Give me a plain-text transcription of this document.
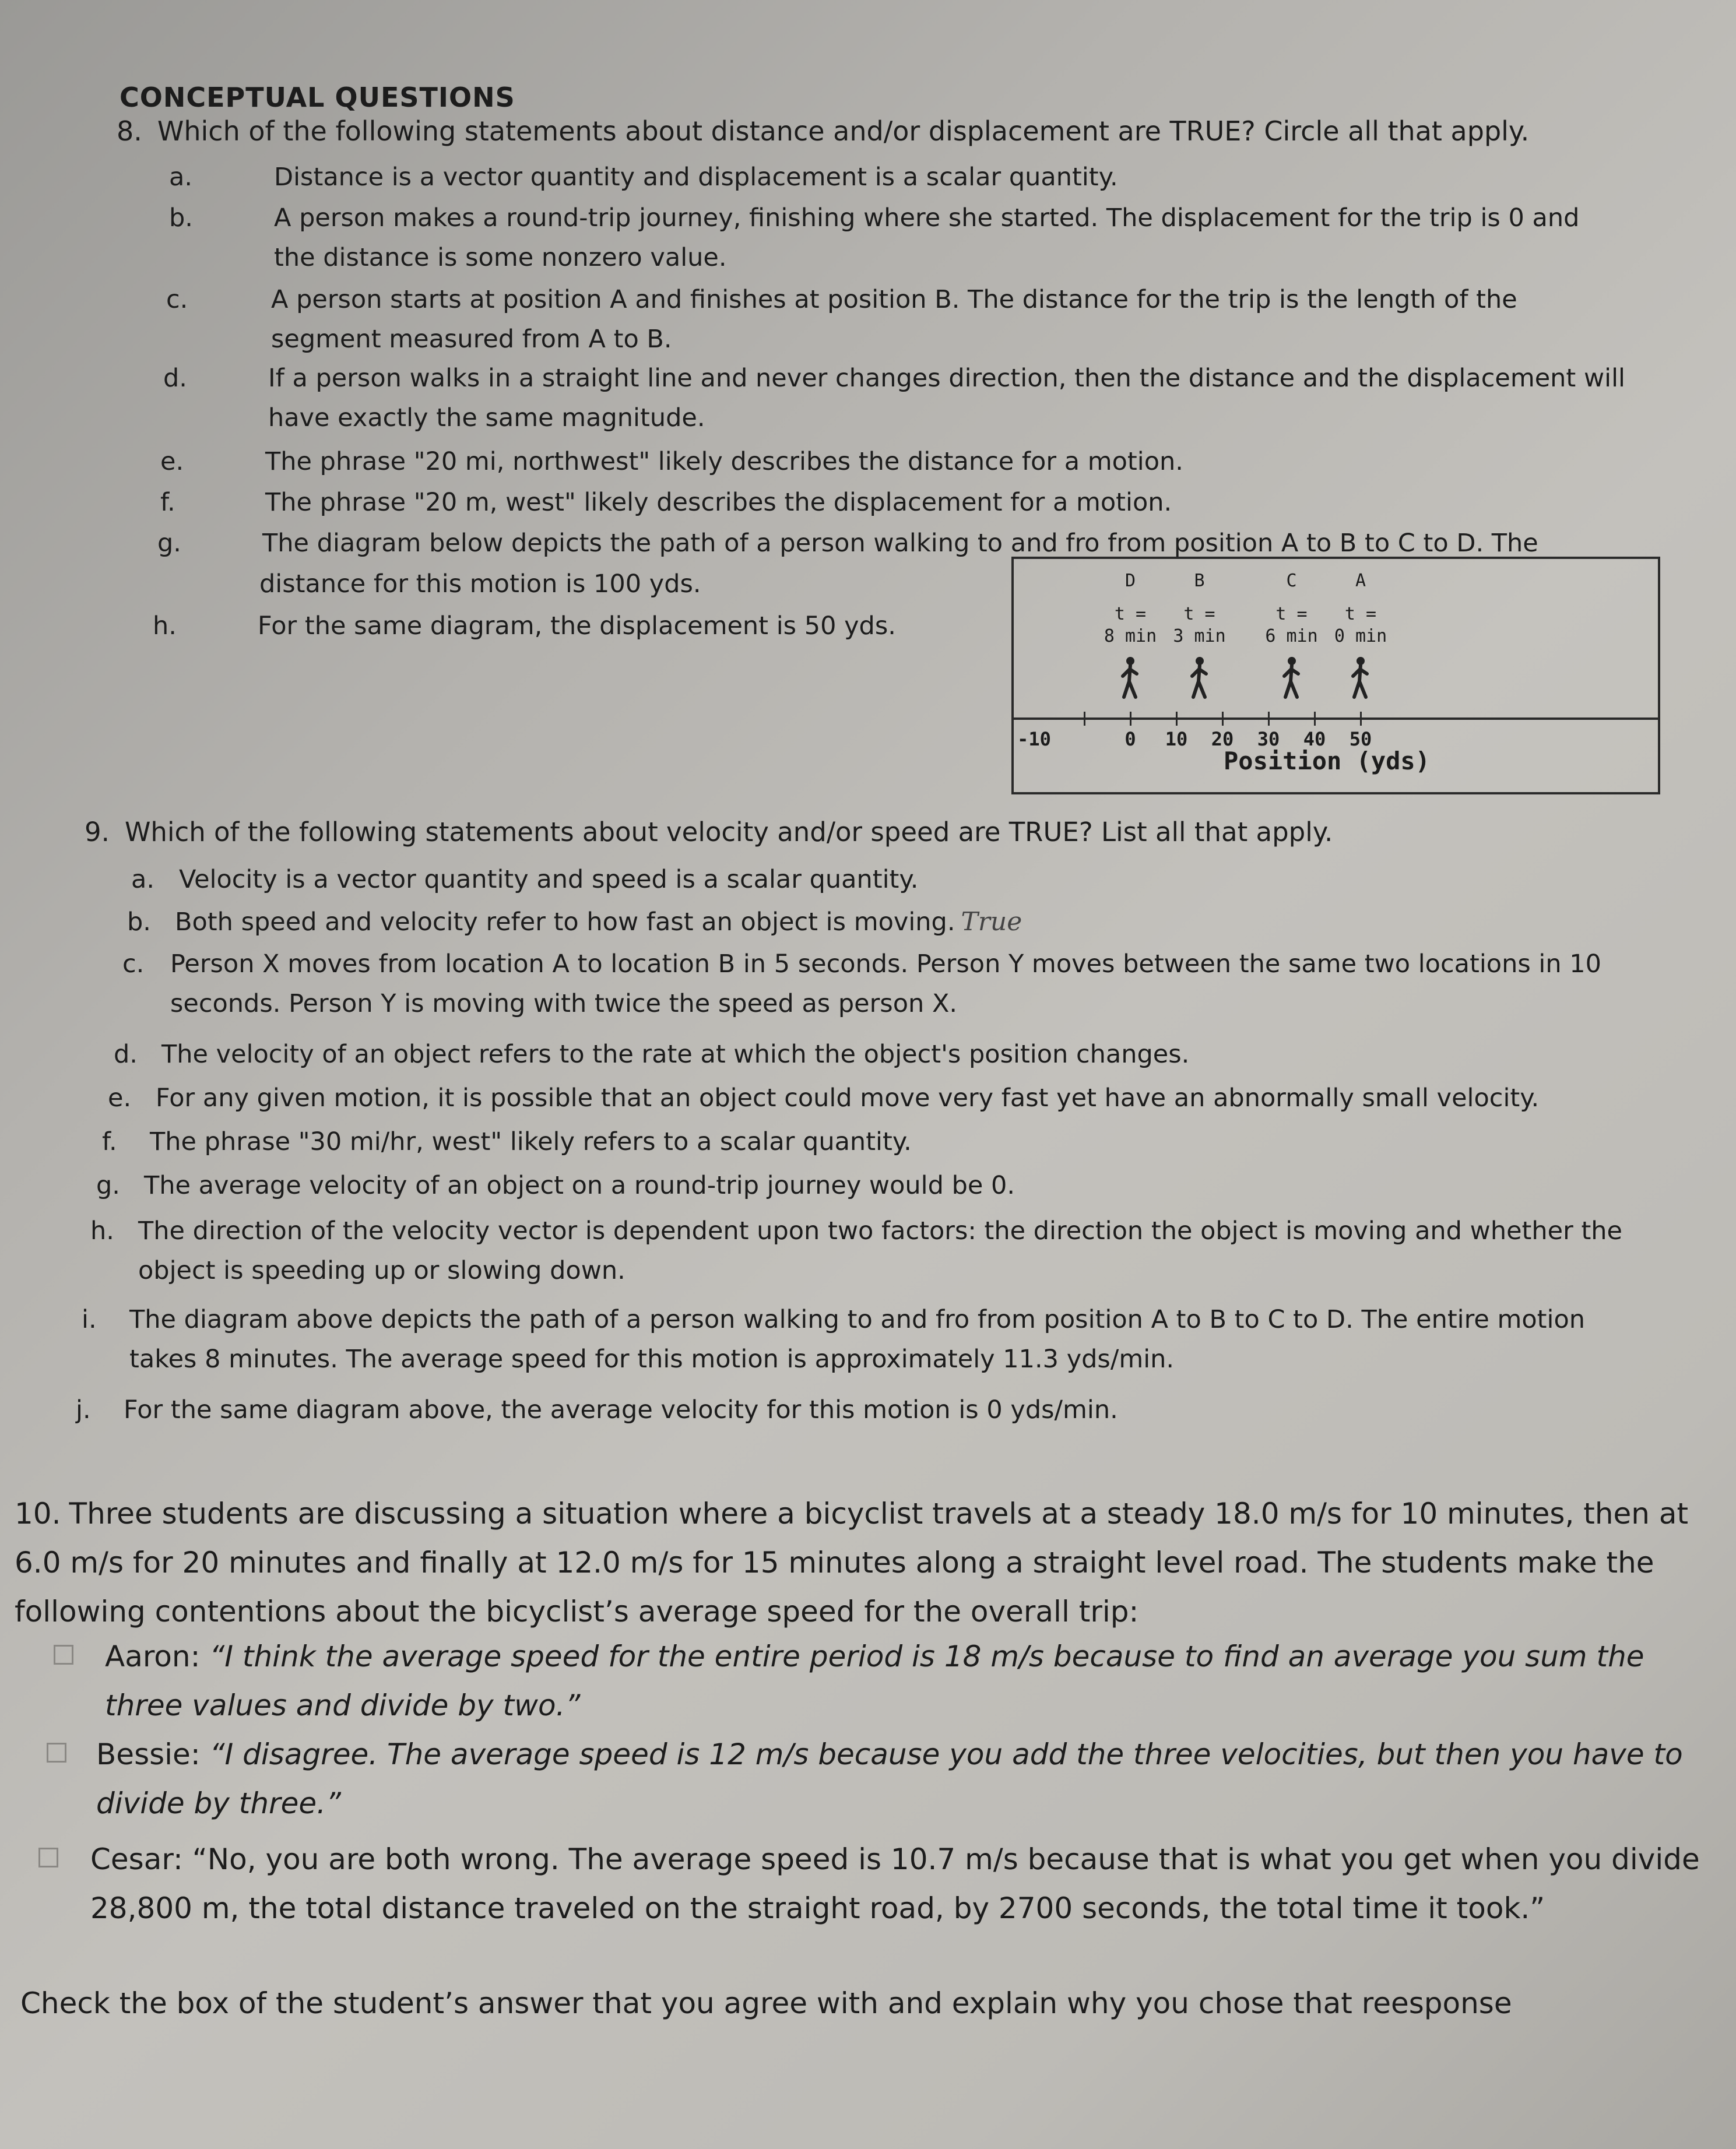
CONCEPTUAL QUESTIONS
8. Which of the following statements about distance and/or displacement are TRUE? Circle all that apply.
a.	Distance is a vector quantity and displacement is a scalar quantity.
b.	A person makes a round-trip journey, finishing where she started. The displacement for the trip is 0 and the distance is some nonzero value.
c.	A person starts at position A and finishes at position B. The distance for the trip is the length of the segment measured from A to B.
d.	If a person walks in a straight line and never changes direction, then the distance and the displacement will have exactly the same magnitude.
e.	The phrase "20 mi, northwest" likely describes the distance for a motion.
f.	The phrase "20 m, west" likely describes the displacement for a motion.
g.	The diagram below depicts the path of a person walking to and fro from position A to B to C to D. The
distance for this motion is 100 yds.
h.	For the same diagram, the displacement is 50 yds.
D
t =
8 min
B
t =
3 min
C
t =
6 min
A
t =
0 min
-10	0	10	20	30	40	50
Position (yds)
9. Which of the following statements about velocity and/or speed are TRUE? List all that apply.
a. Velocity is a vector quantity and speed is a scalar quantity.
b. Both speed and velocity refer to how fast an object is moving. True
c.	Person X moves from location A to location B in 5 seconds. Person Y moves between the same two locations in 10 seconds. Person Y is moving with twice the speed as person X.
d. The velocity of an object refers to the rate at which the object's position changes.
e. For any given motion, it is possible that an object could move very fast yet have an abnormally small velocity.
f.	The phrase "30 mi/hr, west" likely refers to a scalar quantity.
g. The average velocity of an object on a round-trip journey would be 0.
h. The direction of the velocity vector is dependent upon two factors: the direction the object is moving and whether the object is speeding up or slowing down.
i.	The diagram above depicts the path of a person walking to and fro from position A to B to C to D. The entire motion takes 8 minutes. The average speed for this motion is approximately 11.3 yds/min.
j.	For the same diagram above, the average velocity for this motion is 0 yds/min.
10. Three students are discussing a situation where a bicyclist travels at a steady 18.0 m/s for 10 minutes, then at 6.0 m/s for 20 minutes and finally at 12.0 m/s for 15 minutes along a straight level road. The students make the following contentions about the bicyclist’s average speed for the overall trip:
Aaron: “I think the average speed for the entire period is 18 m/s because to find an average you sum the three values and divide by two.”
Bessie: “I disagree. The average speed is 12 m/s because you add the three velocities, but then you have to divide by three.”
Cesar: “No, you are both wrong. The average speed is 10.7 m/s because that is what you get when you divide 28,800 m, the total distance traveled on the straight road, by 2700 seconds, the total time it took.”
Check the box of the student’s answer that you agree with and explain why you chose that reesponse
